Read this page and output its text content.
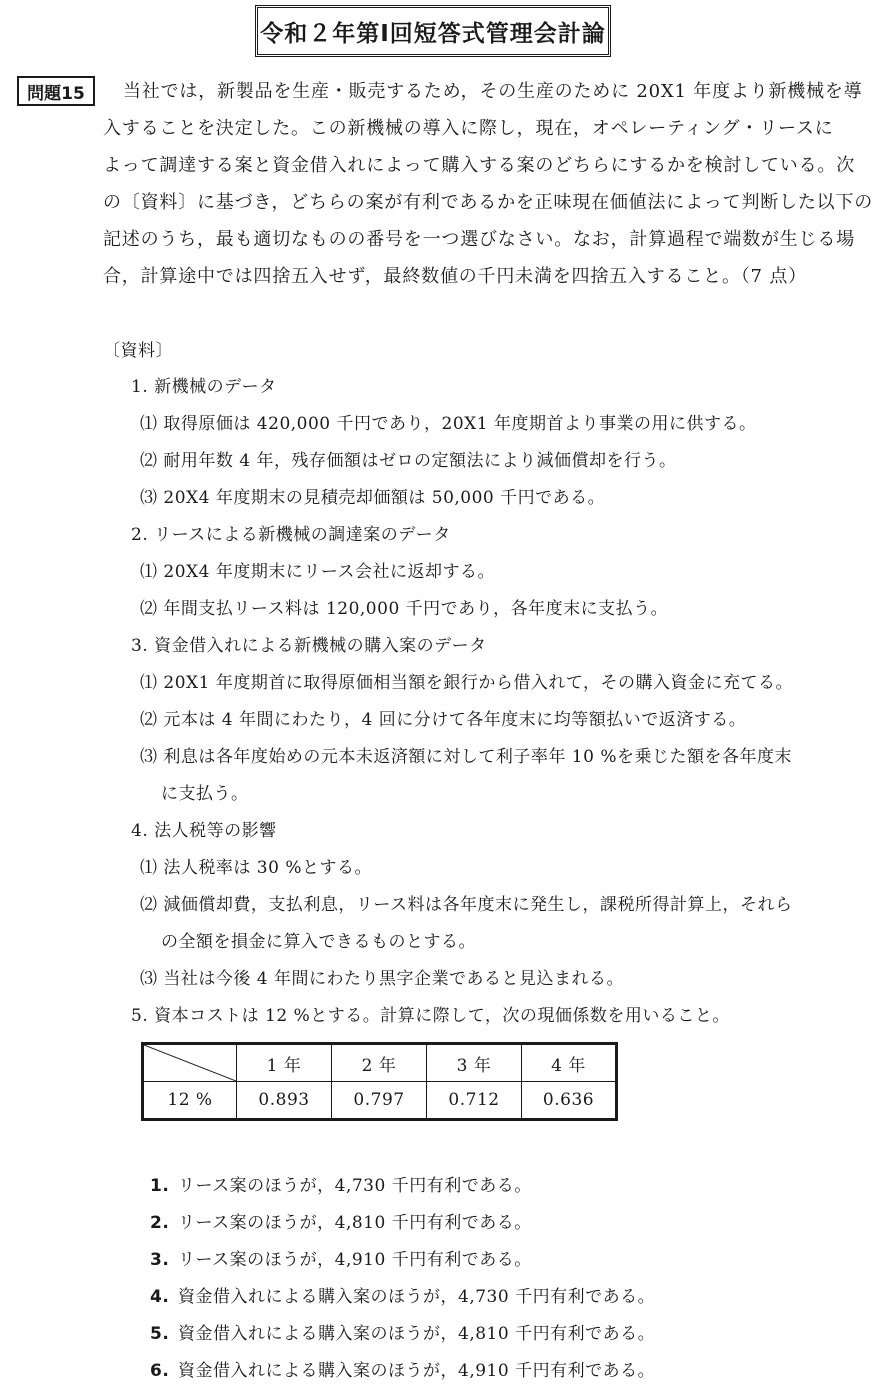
令和２年第Ⅰ回短答式管理会計論
問題15	当社では，新製品を生産・販売するため，その生産のために 20X1 年度より新機械を導
入することを決定した。この新機械の導入に際し，現在，オペレーティング・リースに
よって調達する案と資金借入れによって購入する案のどちらにするかを検討している。次
の〔資料〕に基づき，どちらの案が有利であるかを正味現在価値法によって判断した以下の
記述のうち，最も適切なものの番号を一つ選びなさい。なお，計算過程で端数が生じる場
合，計算途中では四捨五入せず，最終数値の千円未満を四捨五入すること。（7 点）
〔資料〕
1. 新機械のデータ
⑴ 取得原価は 420,000 千円であり，20X1 年度期首より事業の用に供する。
⑵ 耐用年数 4 年，残存価額はゼロの定額法により減価償却を行う。
⑶ 20X4 年度期末の見積売却価額は 50,000 千円である。
2. リースによる新機械の調達案のデータ
⑴ 20X4 年度期末にリース会社に返却する。
⑵ 年間支払リース料は 120,000 千円であり，各年度末に支払う。
3. 資金借入れによる新機械の購入案のデータ
⑴ 20X1 年度期首に取得原価相当額を銀行から借入れて，その購入資金に充てる。
⑵ 元本は 4 年間にわたり，4 回に分けて各年度末に均等額払いで返済する。
⑶ 利息は各年度始めの元本未返済額に対して利子率年 10 %を乗じた額を各年度末
に支払う。
4. 法人税等の影響
⑴ 法人税率は 30 %とする。
⑵ 減価償却費，支払利息，リース料は各年度末に発生し，課税所得計算上，それら
の全額を損金に算入できるものとする。
⑶ 当社は今後 4 年間にわたり黒字企業であると見込まれる。
5. 資本コストは 12 %とする。計算に際して，次の現価係数を用いること。
	1 年	2 年	3 年	4 年
12 %	0.893	0.797	0.712	0.636
1. リース案のほうが，4,730 千円有利である。
2. リース案のほうが，4,810 千円有利である。
3. リース案のほうが，4,910 千円有利である。
4. 資金借入れによる購入案のほうが，4,730 千円有利である。
5. 資金借入れによる購入案のほうが，4,810 千円有利である。
6. 資金借入れによる購入案のほうが，4,910 千円有利である。
